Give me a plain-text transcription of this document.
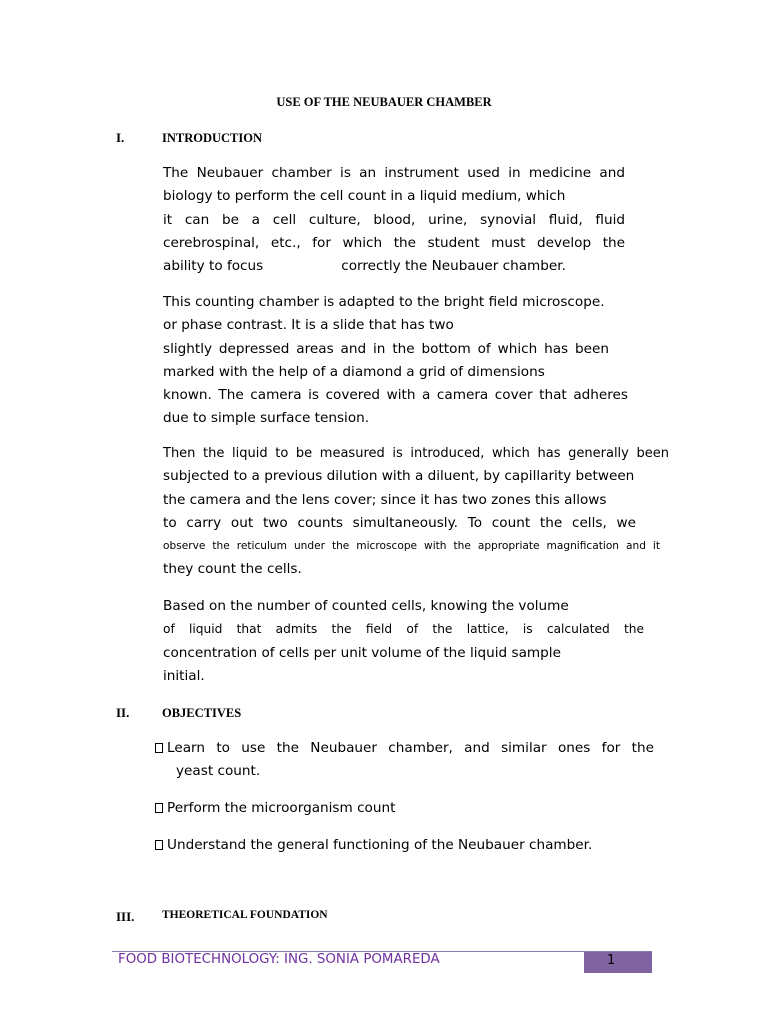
USE OF THE NEUBAUER CHAMBER
I.	INTRODUCTION
The Neubauer chamber is an instrument used in medicine and
biology to perform the cell count in a liquid medium, which
it can be a cell culture, blood, urine, synovial fluid, fluid
cerebrospinal, etc., for which the student must develop the
ability to focus	correctly the Neubauer chamber.
This counting chamber is adapted to the bright field microscope.
or phase contrast. It is a slide that has two
slightly depressed areas and in the bottom of which has been
marked with the help of a diamond a grid of dimensions
known. The camera is covered with a camera cover that adheres
due to simple surface tension.
Then the liquid to be measured is introduced, which has generally been
subjected to a previous dilution with a diluent, by capillarity between
the camera and the lens cover; since it has two zones this allows
to carry out two counts simultaneously. To count the cells, we
observe the reticulum under the microscope with the appropriate magnification and it
they count the cells.
Based on the number of counted cells, knowing the volume
of liquid that admits the field of the lattice, is calculated the
concentration of cells per unit volume of the liquid sample
initial.
II.	OBJECTIVES
Learn to use the Neubauer chamber, and similar ones for the
yeast count.
Perform the microorganism count
Understand the general functioning of the Neubauer chamber.
III. THEORETICAL FOUNDATION
FOOD BIOTECHNOLOGY: ING. SONIA POMAREDA	1
